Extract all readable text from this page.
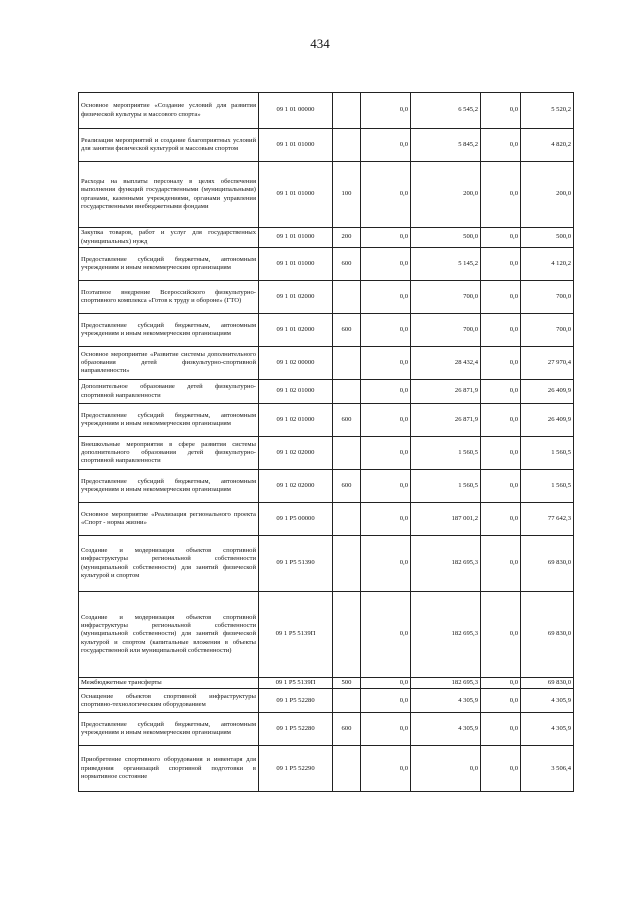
434
Основное мероприятие «Создание условий для развития физической культуры и массового спорта»	09 1 01 00000		0,0	6 545,2	0,0	5 520,2
Реализация мероприятий и создание благоприятных условий для занятия физической культурой и массовым спортом	09 1 01 01000		0,0	5 845,2	0,0	4 820,2
Расходы на выплаты персоналу в целях обеспечения выполнения функций государственными (муниципальными) органами, казенными учреждениями, органами управления государственными внебюджетными фондами	09 1 01 01000	100	0,0	200,0	0,0	200,0
Закупка товаров, работ и услуг для государственных (муниципальных) нужд	09 1 01 01000	200	0,0	500,0	0,0	500,0
Предоставление субсидий бюджетным, автономным учреждениям и иным некоммерческим организациям	09 1 01 01000	600	0,0	5 145,2	0,0	4 120,2
Поэтапное внедрение Всероссийского физкультурно-спортивного комплекса «Готов к труду и обороне» (ГТО)	09 1 01 02000		0,0	700,0	0,0	700,0
Предоставление субсидий бюджетным, автономным учреждениям и иным некоммерческим организациям	09 1 01 02000	600	0,0	700,0	0,0	700,0
Основное мероприятие «Развитие системы дополнительного образования детей физкультурно-спортивной направленности»	09 1 02 00000		0,0	28 432,4	0,0	27 970,4
Дополнительное образование детей физкультурно-спортивной направленности	09 1 02 01000		0,0	26 871,9	0,0	26 409,9
Предоставление субсидий бюджетным, автономным учреждениям и иным некоммерческим организациям	09 1 02 01000	600	0,0	26 871,9	0,0	26 409,9
Внешкольные мероприятия в сфере развития системы дополнительного образования детей физкультурно-спортивной направленности	09 1 02 02000		0,0	1 560,5	0,0	1 560,5
Предоставление субсидий бюджетным, автономным учреждениям и иным некоммерческим организациям	09 1 02 02000	600	0,0	1 560,5	0,0	1 560,5
Основное мероприятие «Реализация регионального проекта «Спорт - норма жизни»	09 1 P5 00000		0,0	187 001,2	0,0	77 642,3
Создание и модернизация объектов спортивной инфраструктуры региональной собственности (муниципальной собственности) для занятий физической культурой и спортом	09 1 P5 51390		0,0	182 695,3	0,0	69 830,0
Создание и модернизация объектов спортивной инфраструктуры региональной собственности (муниципальной собственности) для занятий физической культурой и спортом (капитальные вложения в объекты государственной или муниципальной собственности)	09 1 P5 5139П		0,0	182 695,3	0,0	69 830,0
Межбюджетные трансферты	09 1 P5 5139П	500	0,0	182 695,3	0,0	69 830,0
Оснащение объектов спортивной инфраструктуры спортивно-технологическим оборудованием	09 1 P5 52280		0,0	4 305,9	0,0	4 305,9
Предоставление субсидий бюджетным, автономным учреждениям и иным некоммерческим организациям	09 1 P5 52280	600	0,0	4 305,9	0,0	4 305,9
Приобретение спортивного оборудования и инвентаря для приведения организаций спортивной подготовки в нормативное состояние	09 1 P5 52290		0,0	0,0	0,0	3 506,4
